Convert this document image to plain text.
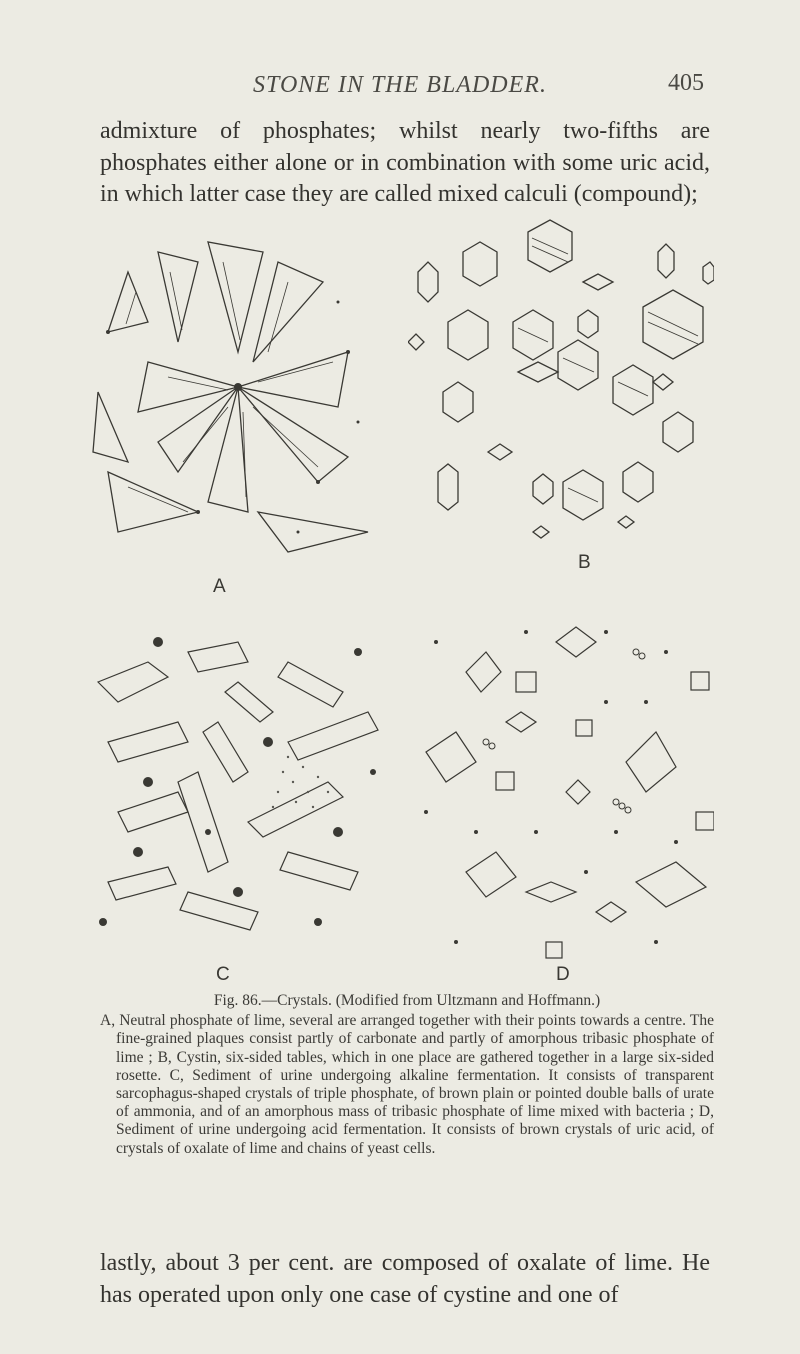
STONE IN THE BLADDER.	405

admixture of phosphates; whilst nearly two-fifths are phosphates either alone or in combination with some uric acid, in which latter case they are called mixed calculi (compound);

A
B
C	D

Fig. 86.—Crystals. (Modified from Ultzmann and Hoffmann.)

A, Neutral phosphate of lime, several are arranged together with their points towards a centre. The fine-grained plaques consist partly of carbonate and partly of amorphous tribasic phosphate of lime ; B, Cystin, six-sided tables, which in one place are gathered together in a large six-sided rosette. C, Sediment of urine undergoing alkaline fermentation. It consists of transparent sarcophagus-shaped crystals of triple phosphate, of brown plain or pointed double balls of urate of ammonia, and of an amorphous mass of tribasic phosphate of lime mixed with bacteria ; D, Sediment of urine undergoing acid fermentation. It consists of brown crystals of uric acid, of crystals of oxalate of lime and chains of yeast cells.

lastly, about 3 per cent. are composed of oxalate of lime. He has operated upon only one case of cystine and one of
